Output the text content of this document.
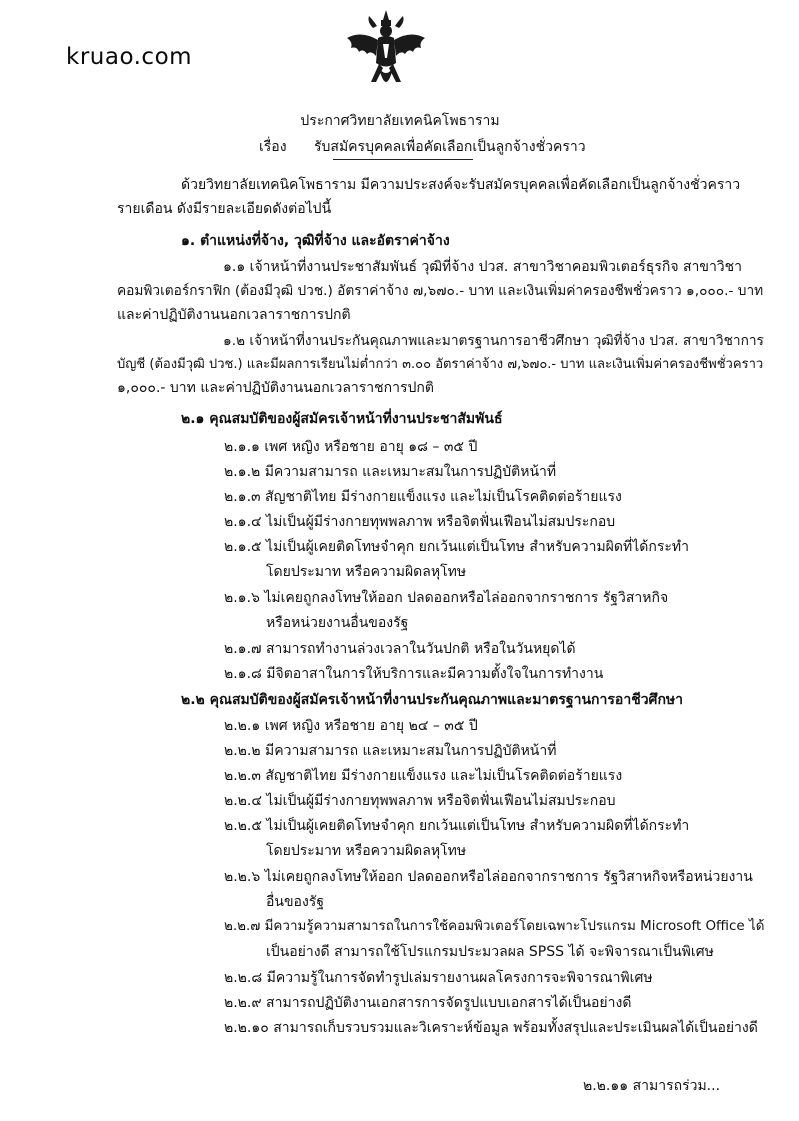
kruao.com
ประกาศวิทยาลัยเทคนิคโพธาราม
เรื่อง รับสมัครบุคคลเพื่อคัดเลือกเป็นลูกจ้างชั่วคราว
ด้วยวิทยาลัยเทคนิคโพธาราม มีความประสงค์จะรับสมัครบุคคลเพื่อคัดเลือกเป็นลูกจ้างชั่วคราว
รายเดือน ดังมีรายละเอียดดังต่อไปนี้
๑. ตำแหน่งที่จ้าง, วุฒิที่จ้าง และอัตราค่าจ้าง
๑.๑ เจ้าหน้าที่งานประชาสัมพันธ์ วุฒิที่จ้าง ปวส. สาขาวิชาคอมพิวเตอร์ธุรกิจ สาขาวิชา
คอมพิวเตอร์กราฟิก (ต้องมีวุฒิ ปวช.) อัตราค่าจ้าง ๗,๖๗๐.- บาท และเงินเพิ่มค่าครองชีพชั่วคราว ๑,๐๐๐.- บาท
และค่าปฏิบัติงานนอกเวลาราชการปกติ
๑.๒ เจ้าหน้าที่งานประกันคุณภาพและมาตรฐานการอาชีวศึกษา วุฒิที่จ้าง ปวส. สาขาวิชาการ
บัญชี (ต้องมีวุฒิ ปวช.) และมีผลการเรียนไม่ต่ำกว่า ๓.๐๐ อัตราค่าจ้าง ๗,๖๗๐.- บาท และเงินเพิ่มค่าครองชีพชั่วคราว
๑,๐๐๐.- บาท และค่าปฏิบัติงานนอกเวลาราชการปกติ
๒.๑ คุณสมบัติของผู้สมัครเจ้าหน้าที่งานประชาสัมพันธ์
๒.๑.๑ เพศ หญิง หรือชาย อายุ ๑๘ – ๓๕ ปี
๒.๑.๒ มีความสามารถ และเหมาะสมในการปฏิบัติหน้าที่
๒.๑.๓ สัญชาติไทย มีร่างกายแข็งแรง และไม่เป็นโรคติดต่อร้ายแรง
๒.๑.๔ ไม่เป็นผู้มีร่างกายทุพพลภาพ หรือจิตฟั่นเฟือนไม่สมประกอบ
๒.๑.๕ ไม่เป็นผู้เคยติดโทษจำคุก ยกเว้นแต่เป็นโทษ สำหรับความผิดที่ได้กระทำ
โดยประมาท หรือความผิดลหุโทษ
๒.๑.๖ ไม่เคยถูกลงโทษให้ออก ปลดออกหรือไล่ออกจากราชการ รัฐวิสาหกิจ
หรือหน่วยงานอื่นของรัฐ
๒.๑.๗ สามารถทำงานล่วงเวลาในวันปกติ หรือในวันหยุดได้
๒.๑.๘ มีจิตอาสาในการให้บริการและมีความตั้งใจในการทำงาน
๒.๒ คุณสมบัติของผู้สมัครเจ้าหน้าที่งานประกันคุณภาพและมาตรฐานการอาชีวศึกษา
๒.๒.๑ เพศ หญิง หรือชาย อายุ ๒๔ – ๓๕ ปี
๒.๒.๒ มีความสามารถ และเหมาะสมในการปฏิบัติหน้าที่
๒.๒.๓ สัญชาติไทย มีร่างกายแข็งแรง และไม่เป็นโรคติดต่อร้ายแรง
๒.๒.๔ ไม่เป็นผู้มีร่างกายทุพพลภาพ หรือจิตฟั่นเฟือนไม่สมประกอบ
๒.๒.๕ ไม่เป็นผู้เคยติดโทษจำคุก ยกเว้นแต่เป็นโทษ สำหรับความผิดที่ได้กระทำ
โดยประมาท หรือความผิดลหุโทษ
๒.๒.๖ ไม่เคยถูกลงโทษให้ออก ปลดออกหรือไล่ออกจากราชการ รัฐวิสาหกิจหรือหน่วยงาน
อื่นของรัฐ
๒.๒.๗ มีความรู้ความสามารถในการใช้คอมพิวเตอร์โดยเฉพาะโปรแกรม Microsoft Office ได้
เป็นอย่างดี สามารถใช้โปรแกรมประมวลผล SPSS ได้ จะพิจารณาเป็นพิเศษ
๒.๒.๘ มีความรู้ในการจัดทำรูปเล่มรายงานผลโครงการจะพิจารณาพิเศษ
๒.๒.๙ สามารถปฏิบัติงานเอกสารการจัดรูปแบบเอกสารได้เป็นอย่างดี
๒.๒.๑๐ สามารถเก็บรวบรวมและวิเคราะห์ข้อมูล พร้อมทั้งสรุปและประเมินผลได้เป็นอย่างดี
๒.๒.๑๑ สามารถร่วม...
